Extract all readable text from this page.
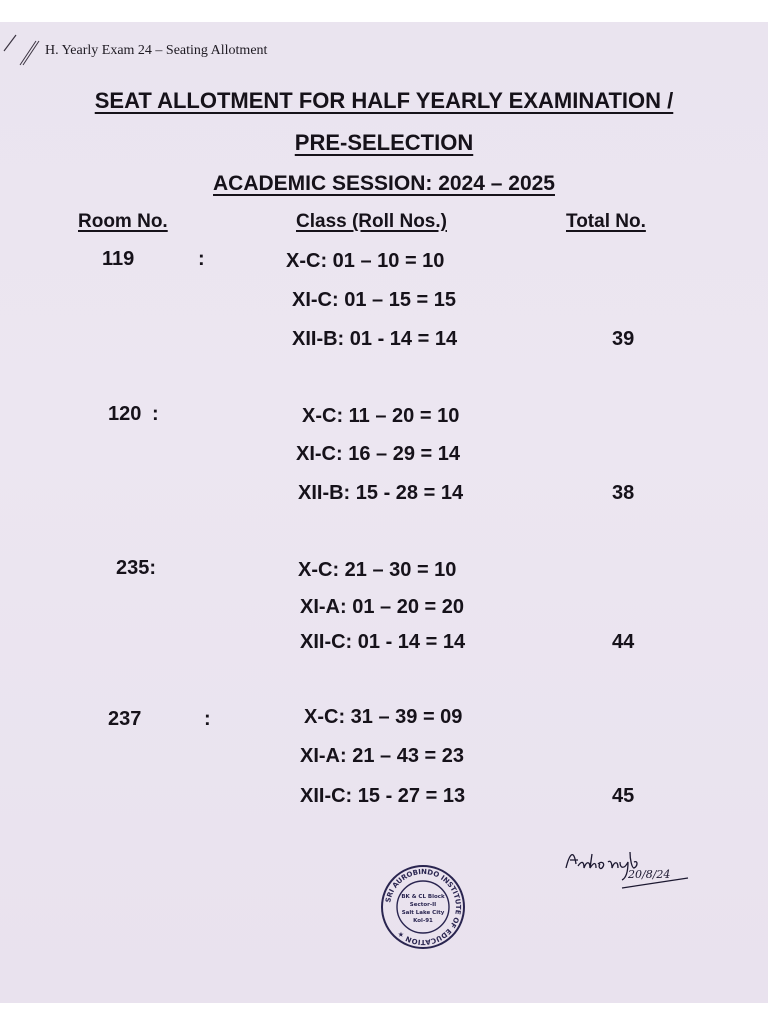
H. Yearly Exam 24 – Seating Allotment
SEAT ALLOTMENT FOR HALF YEARLY EXAMINATION /
PRE-SELECTION
ACADEMIC SESSION: 2024 – 2025
Room No.	Class (Roll Nos.)	Total No.
119	:	X-C: 01 – 10 = 10
XI-C: 01 – 15 = 15
XII-B: 01 - 14 = 14	39
120 :	X-C: 11 – 20 = 10
XI-C: 16 – 29 = 14
XII-B: 15 - 28 = 14	38
235:	X-C: 21 – 30 = 10
XI-A: 01 – 20 = 20
XII-C: 01 - 14 = 14	44
237	:	X-C: 31 – 39 = 09
XI-A: 21 – 43 = 23
XII-C: 15 - 27 = 13	45
20/8/24
SRI AUROBINDO INSTITUTE OF EDUCATION ★
BK & CL Block
Sector-II
Salt Lake City
Kol-91
